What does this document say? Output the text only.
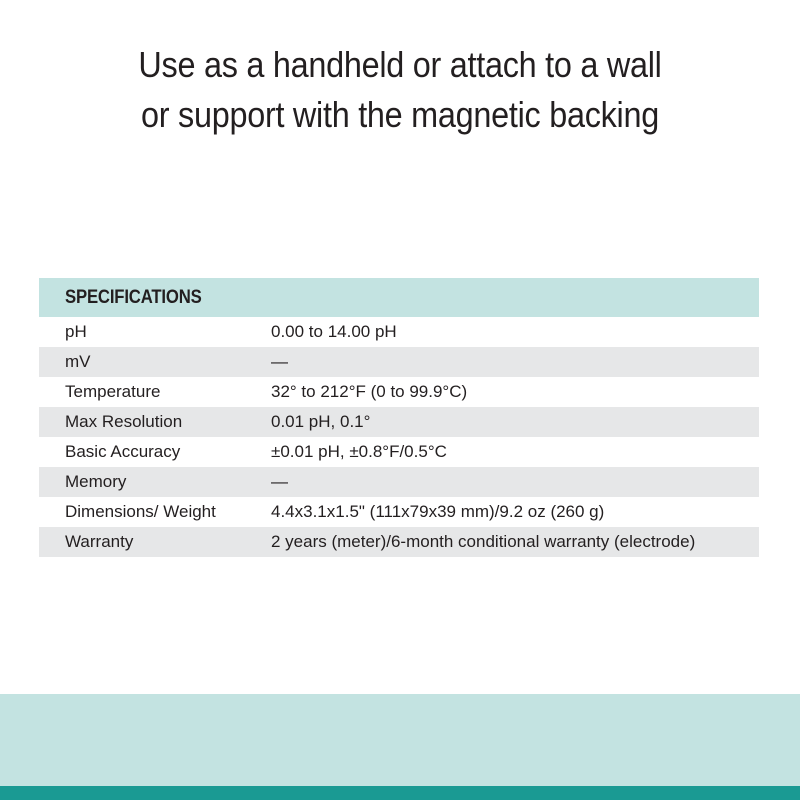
Use as a handheld or attach to a wall
or support with the magnetic backing
SPECIFICATIONS
pH	0.00 to 14.00 pH
mV	—
Temperature	32° to 212°F (0 to 99.9°C)
Max Resolution	0.01 pH, 0.1°
Basic Accuracy	±0.01 pH, ±0.8°F/0.5°C
Memory	—
Dimensions/ Weight	4.4x3.1x1.5" (111x79x39 mm)/9.2 oz (260 g)
Warranty	2 years (meter)/6-month conditional warranty (electrode)
